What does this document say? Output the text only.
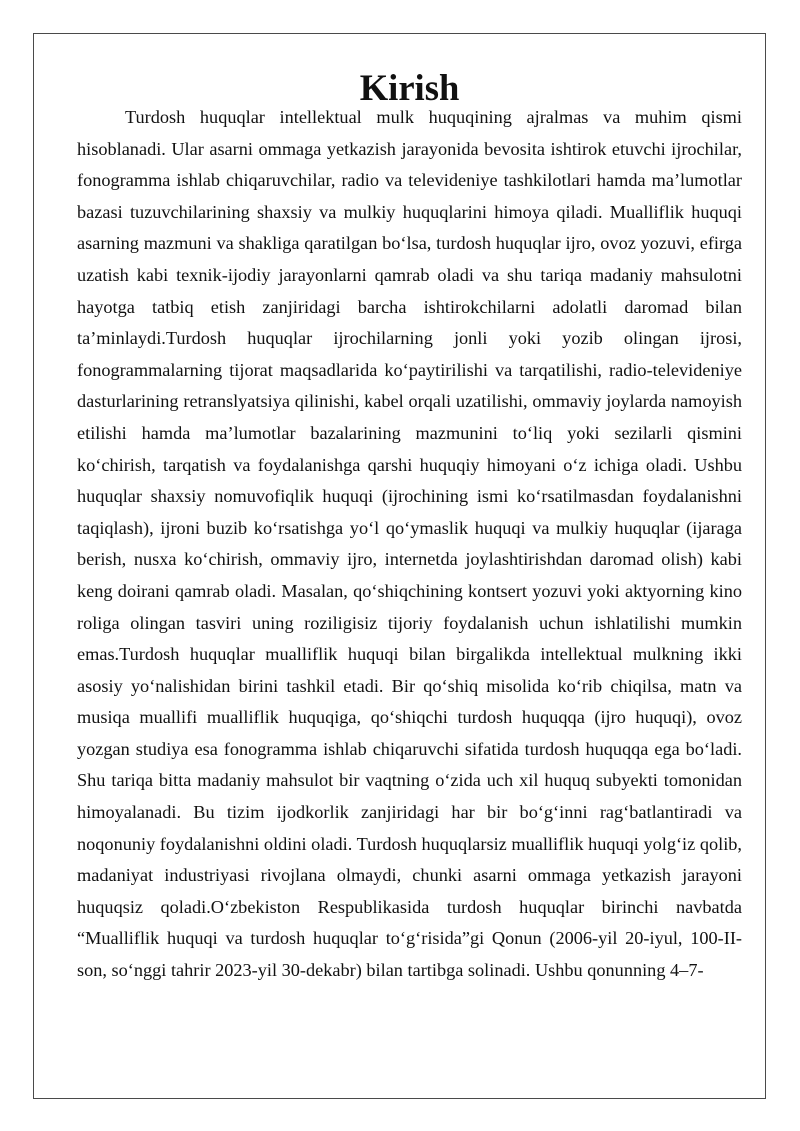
Kirish

Turdosh huquqlar intellektual mulk huquqining ajralmas va muhim qismi hisoblanadi. Ular asarni ommaga yetkazish jarayonida bevosita ishtirok etuvchi ijrochilar, fonogramma ishlab chiqaruvchilar, radio va televideniye tashkilotlari hamda ma’lumotlar bazasi tuzuvchilarining shaxsiy va mulkiy huquqlarini himoya qiladi. Mualliflik huquqi asarning mazmuni va shakliga qaratilgan bo‘lsa, turdosh huquqlar ijro, ovoz yozuvi, efirga uzatish kabi texnik-ijodiy jarayonlarni qamrab oladi va shu tariqa madaniy mahsulotni hayotga tatbiq etish zanjiridagi barcha ishtirokchilarni adolatli daromad bilan ta’minlaydi.Turdosh huquqlar ijrochilarning jonli yoki yozib olingan ijrosi, fonogrammalarning tijorat maqsadlarida ko‘paytirilishi va tarqatilishi, radio-televideniye dasturlarining retranslyatsiya qilinishi, kabel orqali uzatilishi, ommaviy joylarda namoyish etilishi hamda ma’lumotlar bazalarining mazmunini to‘liq yoki sezilarli qismini ko‘chirish, tarqatish va foydalanishga qarshi huquqiy himoyani o‘z ichiga oladi. Ushbu huquqlar shaxsiy nomuvofiqlik huquqi (ijrochining ismi ko‘rsatilmasdan foydalanishni taqiqlash), ijroni buzib ko‘rsatishga yo‘l qo‘ymaslik huquqi va mulkiy huquqlar (ijaraga berish, nusxa ko‘chirish, ommaviy ijro, internetda joylashtirishdan daromad olish) kabi keng doirani qamrab oladi. Masalan, qo‘shiqchining kontsert yozuvi yoki aktyorning kino roliga olingan tasviri uning roziligisiz tijoriy foydalanish uchun ishlatilishi mumkin emas.Turdosh huquqlar mualliflik huquqi bilan birgalikda intellektual mulkning ikki asosiy yo‘nalishidan birini tashkil etadi. Bir qo‘shiq misolida ko‘rib chiqilsa, matn va musiqa muallifi mualliflik huquqiga, qo‘shiqchi turdosh huquqqa (ijro huquqi), ovoz yozgan studiya esa fonogramma ishlab chiqaruvchi sifatida turdosh huquqqa ega bo‘ladi. Shu tariqa bitta madaniy mahsulot bir vaqtning o‘zida uch xil huquq subyekti tomonidan himoyalanadi. Bu tizim ijodkorlik zanjiridagi har bir bo‘g‘inni rag‘batlantiradi va noqonuniy foydalanishni oldini oladi. Turdosh huquqlarsiz mualliflik huquqi yolg‘iz qolib, madaniyat industriyasi rivojlana olmaydi, chunki asarni ommaga yetkazish jarayoni huquqsiz qoladi.O‘zbekiston Respublikasida turdosh huquqlar birinchi navbatda “Mualliflik huquqi va turdosh huquqlar to‘g‘risida”gi Qonun (2006-yil 20-iyul, 100-II-son, so‘nggi tahrir 2023-yil 30-dekabr) bilan tartibga solinadi. Ushbu qonunning 4–7-
